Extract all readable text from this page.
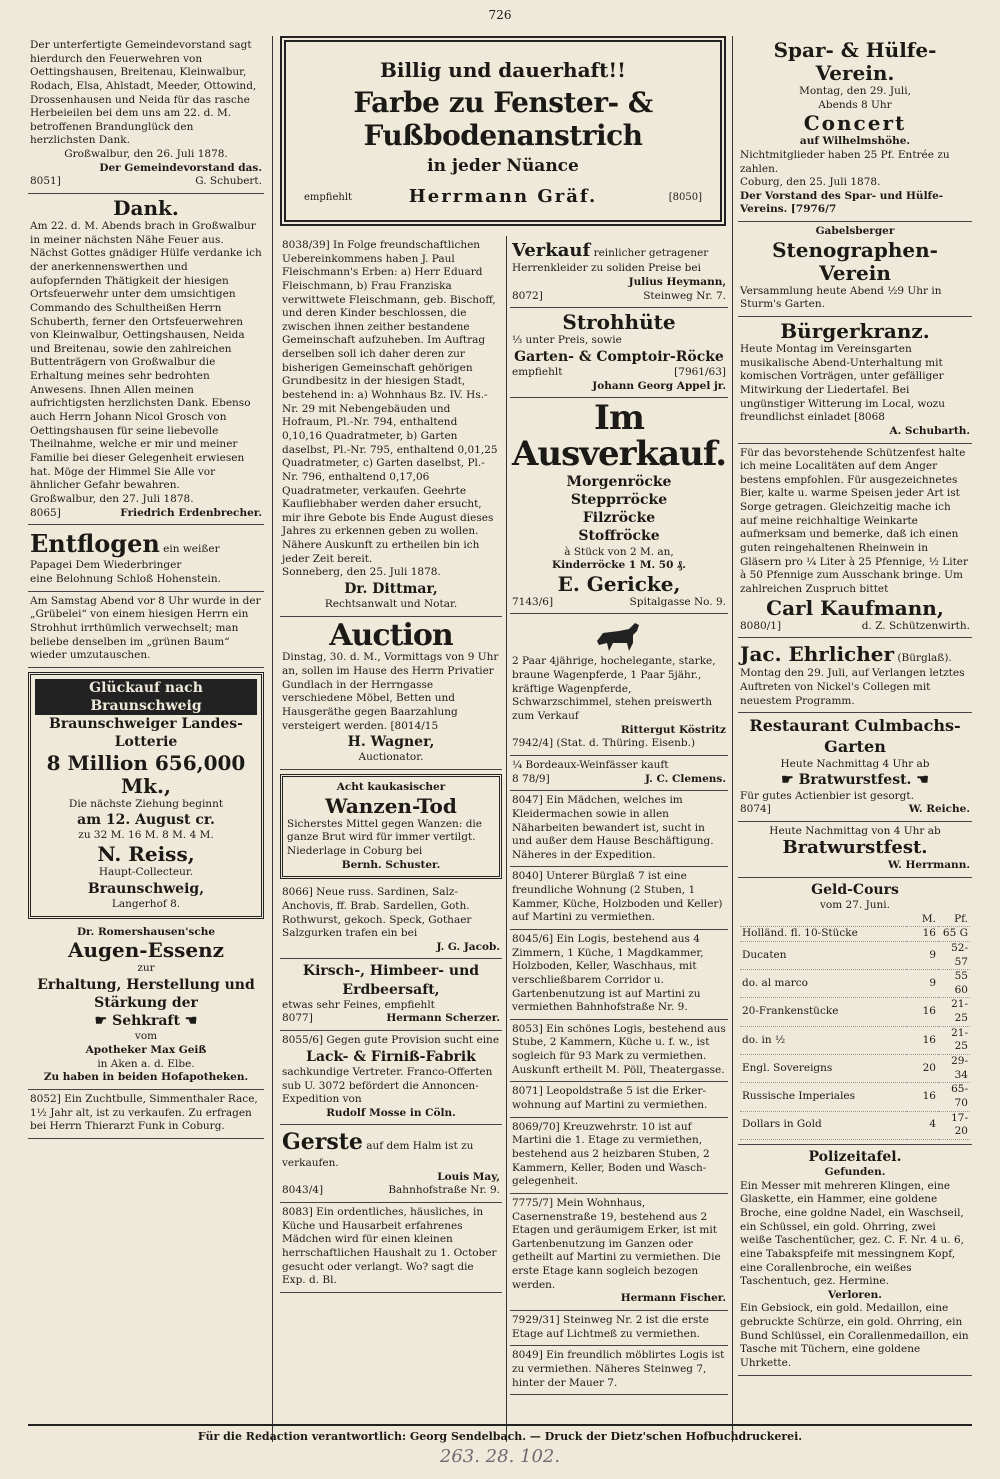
726

Der unterfertigte Gemeindevorstand sagt hierdurch den Feuerwehren von Oettingshausen, Breitenau, Kleinwalbur, Rodach, Elsa, Ahlstadt, Meeder, Ottowind, Drossenhausen und Neida für das rasche Herbeieilen bei dem uns am 22. d. M. betroffenen Brandunglück den herzlichsten Dank.

Großwalbur, den 26. Juli 1878.

Der Gemeindevorstand das.

8051]	G. Schubert.

Dank.

Am 22. d. M. Abends brach in Großwalbur in meiner nächsten Nähe Feuer aus. Nächst Gottes gnädiger Hülfe verdanke ich der anerkennenswerthen und aufopfernden Thätigkeit der hiesigen Ortsfeuerwehr unter dem umsichtigen Commando des Schultheißen Herrn Schuberth, ferner den Ortsfeuerwehren von Kleinwalbur, Oettingshausen, Neida und Breitenau, sowie den zahlreichen Buttenträgern von Großwalbur die Erhaltung meines sehr bedrohten Anwesens. Ihnen Allen meinen aufrichtigsten herzlichsten Dank. Ebenso auch Herrn Johann Nicol Grosch von Oettingshausen für seine liebevolle Theilnahme, welche er mir und meiner Familie bei dieser Gelegenheit erwiesen hat. Möge der Himmel Sie Alle vor ähnlicher Gefahr bewahren.

Großwalbur, den 27. Juli 1878.

8065]	Friedrich Erdenbrecher.

Entflogen ein weißer Papagei Dem Wiederbringer

eine Belohnung Schloß Hohenstein.

Am Samstag Abend vor 8 Uhr wurde in der „Grübelei“ von einem hiesigen Herrn ein Strohhut irrthümlich verwechselt; man beliebe denselben im „grünen Baum“ wieder umzutauschen.

Glückauf nach Braunschweig
Braunschweiger Landes-Lotterie
8 Million 656,000 Mk.,

Die nächste Ziehung beginnt

am 12. August cr.

zu 32 M. 16 M. 8 M. 4 M.

N. Reiss,

Haupt-Collecteur.

Braunschweig,

Langerhof 8.

Dr. Romershausen'sche

Augen-Essenz

zur

Erhaltung, Herstellung und
Stärkung der
☛ Sehkraft ☚

vom

Apotheker Max Geiß

in Aken a. d. Elbe.

Zu haben in beiden Hofapotheken.

8052] Ein Zuchtbulle, Simmenthaler Race, 1½ Jahr alt, ist zu verkaufen. Zu erfragen bei Herrn Thierarzt Funk in Coburg.

Billig und dauerhaft!!
Farbe zu Fenster- & Fußbodenanstrich
in jeder Nüance
Herrmann Gräf.
empfiehlt	[8050]

8038/39] In Folge freundschaftlichen Uebereinkommens haben J. Paul Fleischmann's Erben: a) Herr Eduard Fleischmann, b) Frau Franziska verwittwete Fleischmann, geb. Bischoff, und deren Kinder beschlossen, die zwischen ihnen zeither bestandene Gemeinschaft aufzuheben. Im Auftrag derselben soll ich daher deren zur bisherigen Gemeinschaft gehörigen Grundbesitz in der hiesigen Stadt, bestehend in: a) Wohnhaus Bz. IV. Hs.-Nr. 29 mit Nebengebäuden und Hofraum, Pl.-Nr. 794, enthaltend 0,10,16 Quadratmeter, b) Garten daselbst, Pl.-Nr. 795, enthaltend 0,01,25 Quadratmeter, c) Garten daselbst, Pl.-Nr. 796, enthaltend 0,17,06 Quadratmeter, verkaufen. Geehrte Kaufliebhaber werden daher ersucht, mir ihre Gebote bis Ende August dieses Jahres zu erkennen geben zu wollen. Nähere Auskunft zu ertheilen bin ich jeder Zeit bereit.

Sonneberg, den 25. Juli 1878.

Dr. Dittmar,

Rechtsanwalt und Notar.

Auction

Dinstag, 30. d. M., Vormittags von 9 Uhr an, sollen im Hause des Herrn Privatier Gundlach in der Herrngasse verschiedene Möbel, Betten und Hausgeräthe gegen Baarzahlung versteigert werden. [8014/15

H. Wagner,

Auctionator.

Acht kaukasischer

Wanzen-Tod

Sicherstes Mittel gegen Wanzen: die ganze Brut wird für immer vertilgt. Niederlage in Coburg bei

Bernh. Schuster.

8066] Neue russ. Sardinen, Salz-Anchovis, ff. Brab. Sardellen, Goth. Rothwurst, gekoch. Speck, Gothaer Salzgurken trafen ein bei

J. G. Jacob.

Kirsch-, Himbeer- und Erdbeersaft,

etwas sehr Feines, empfiehlt

8077]	Hermann Scherzer.

8055/6] Gegen gute Provision sucht eine

Lack- & Firniß-Fabrik

sachkundige Vertreter. Franco-Offerten sub U. 3072 befördert die Annoncen-Expedition von

Rudolf Mosse in Cöln.

Gerste auf dem Halm ist zu verkaufen.

Louis May,

8043/4]	Bahnhofstraße Nr. 9.

8083] Ein ordentliches, häusliches, in Küche und Hausarbeit erfahrenes Mädchen wird für einen kleinen herrschaftlichen Haushalt zu 1. October gesucht oder verlangt. Wo? sagt die Exp. d. Bl.

Verkauf reinlicher getragener Herrenkleider zu soliden Preise bei

Julius Heymann,

8072]	Steinweg Nr. 7.

Strohhüte

⅓ unter Preis, sowie

Garten- & Comptoir-Röcke

empfiehlt	[7961/63]

Johann Georg Appel jr.

Im Ausverkauf.
Morgenröcke
Stepprröcke
Filzröcke
Stoffröcke

à Stück von 2 M. an,

Kinderröcke 1 M. 50 ₰.

E. Gericke,

7143/6]	Spitalgasse No. 9.

2 Paar 4jährige, hochelegante, starke, braune Wagenpferde, 1 Paar 5jähr., kräftige Wagenpferde, Schwarzschimmel, stehen preiswerth zum Verkauf

Rittergut Köstritz

7942/4] (Stat. d. Thüring. Eisenb.)

¼ Bordeaux-Weinfässer kauft

8 78/9]	J. C. Clemens.

8047] Ein Mädchen, welches im Kleidermachen sowie in allen Näharbeiten bewandert ist, sucht in und außer dem Hause Beschäftigung. Näheres in der Expedition.

8040] Unterer Bürglaß 7 ist eine freundliche Wohnung (2 Stuben, 1 Kammer, Küche, Holzboden und Keller) auf Martini zu vermiethen.

8045/6] Ein Logis, bestehend aus 4 Zimmern, 1 Küche, 1 Magdkammer, Holzboden, Keller, Waschhaus, mit verschließbarem Corridor u. Gartenbenutzung ist auf Martini zu vermiethen Bahnhofstraße Nr. 9.

8053] Ein schönes Logis, bestehend aus Stube, 2 Kammern, Küche u. f. w., ist sogleich für 93 Mark zu vermiethen. Auskunft ertheilt M. Pöll, Theatergasse.

8071] Leopoldstraße 5 ist die Erker-wohnung auf Martini zu vermiethen.

8069/70] Kreuzwehrstr. 10 ist auf Martini die 1. Etage zu vermiethen, bestehend aus 2 heizbaren Stuben, 2 Kammern, Keller, Boden und Wasch-gelegenheit.

7775/7] Mein Wohnhaus, Casernenstraße 19, bestehend aus 2 Etagen und geräumigem Erker, ist mit Gartenbenutzung im Ganzen oder getheilt auf Martini zu vermiethen. Die erste Etage kann sogleich bezogen werden.

Hermann Fischer.

7929/31] Steinweg Nr. 2 ist die erste Etage auf Lichtmeß zu vermiethen.

8049] Ein freundlich möblirtes Logis ist zu vermiethen. Näheres Steinweg 7, hinter der Mauer 7.

Spar- & Hülfe-Verein.

Montag, den 29. Juli,

Abends 8 Uhr

Concert

auf Wilhelmshöhe.

Nichtmitglieder haben 25 Pf. Entrée zu zahlen.

Coburg, den 25. Juli 1878.

Der Vorstand des Spar- und Hülfe-Vereins. [7976/7

Gabelsberger

Stenographen-Verein

Versammlung heute Abend ½9 Uhr in Sturm's Garten.

Bürgerkranz.

Heute Montag im Vereinsgarten musikalische Abend-Unterhaltung mit komischen Vorträgen, unter gefälliger Mitwirkung der Liedertafel. Bei ungünstiger Witterung im Local, wozu freundlichst einladet [8068

A. Schubarth.

Für das bevorstehende Schützenfest halte ich meine Localitäten auf dem Anger bestens empfohlen. Für ausgezeichnetes Bier, kalte u. warme Speisen jeder Art ist Sorge getragen. Gleichzeitig mache ich auf meine reichhaltige Weinkarte aufmerksam und bemerke, daß ich einen guten reingehaltenen Rheinwein in Gläsern pro ¼ Liter à 25 Pfennige, ½ Liter à 50 Pfennige zum Ausschank bringe. Um zahlreichen Zuspruch bittet

Carl Kaufmann,

8080/1]	d. Z. Schützenwirth.

Jac. Ehrlicher (Bürglaß).

Montag den 29. Juli, auf Verlangen letztes Auftreten von Nickel's Collegen mit neuestem Programm.

Restaurant Culmbachs-Garten

Heute Nachmittag 4 Uhr ab

☛ Bratwurstfest. ☚

Für gutes Actienbier ist gesorgt.

8074]	W. Reiche.

Heute Nachmittag von 4 Uhr ab

Bratwurstfest.

W. Herrmann.

Geld-Cours

vom 27. Juni.

	M.	Pf.
Holländ. fl. 10-Stücke	16	65 G
Ducaten	9	52-57
do. al marco	9	55 60
20-Frankenstücke	16	21-25
do. in ½	16	21-25
Engl. Sovereigns	20	29-34
Russische Imperiales	16	65-70
Dollars in Gold	4	17-20
Polizeitafel.

Gefunden.

Ein Messer mit mehreren Klingen, eine Glaskette, ein Hammer, eine goldene Broche, eine goldne Nadel, ein Waschseil, ein Schüssel, ein gold. Ohrring, zwei weiße Taschentücher, gez. C. F. Nr. 4 u. 6, eine Tabakspfeife mit messingnem Kopf, eine Corallenbroche, ein weißes Taschentuch, gez. Hermine.

Verloren.

Ein Gebsiock, ein gold. Medaillon, eine gebruckte Schürze, ein gold. Ohrring, ein Bund Schlüssel, ein Corallenmedaillon, ein Tasche mit Tüchern, eine goldene Uhrkette.

Für die Redaction verantwortlich: Georg Sendelbach. — Druck der Dietz'schen Hofbuchdruckerei.
263. 28. 102.
